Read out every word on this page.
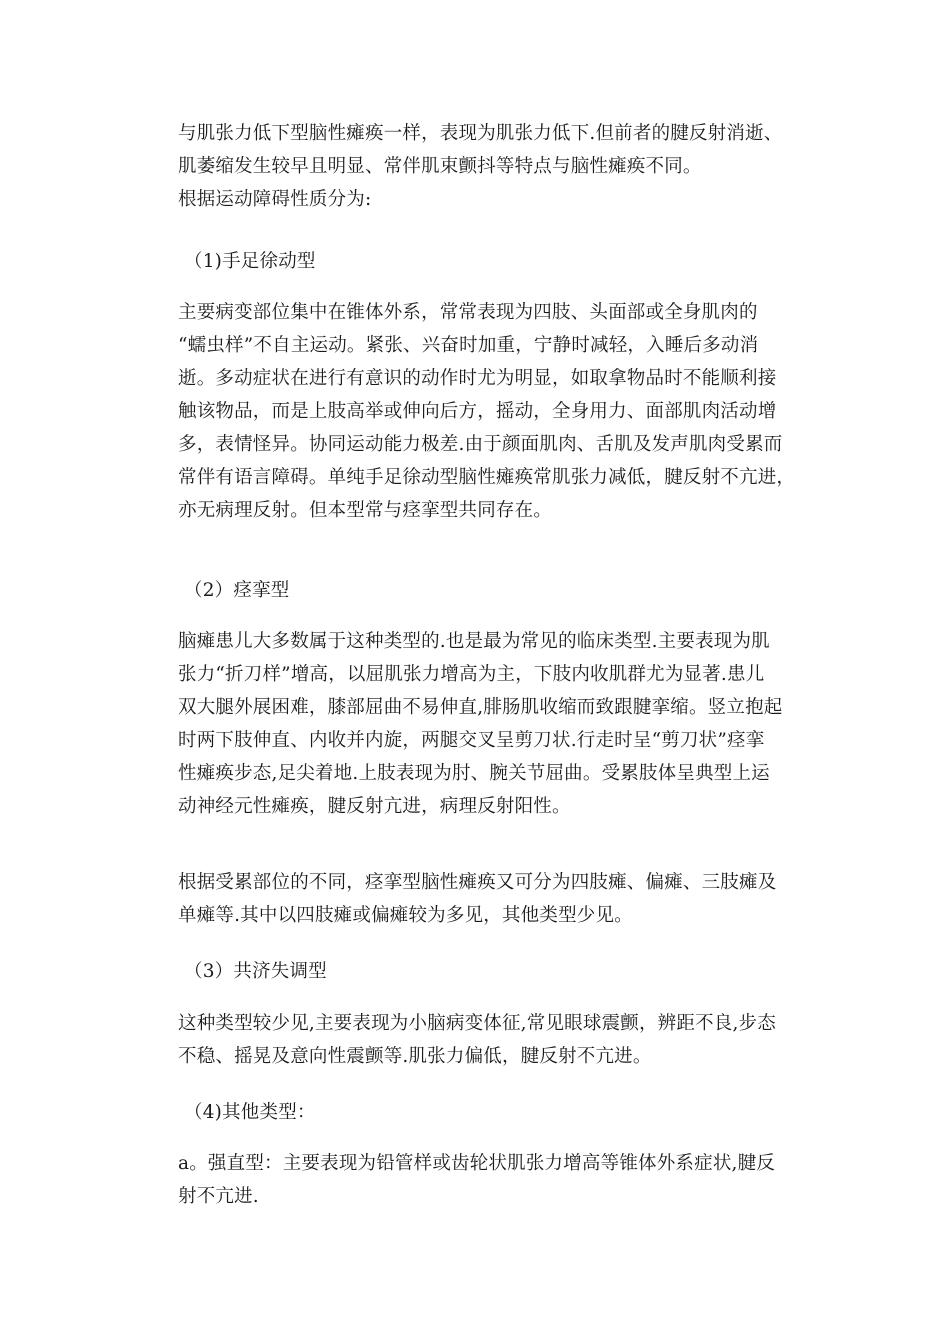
与肌张力低下型脑性瘫痪一样，表现为肌张力低下.但前者的腱反射消逝、
肌萎缩发生较早且明显、常伴肌束颤抖等特点与脑性瘫痪不同。
根据运动障碍性质分为:
（1)手足徐动型
主要病变部位集中在锥体外系，常常表现为四肢、头面部或全身肌肉的
“蠕虫样”不自主运动。紧张、兴奋时加重，宁静时减轻，入睡后多动消
逝。多动症状在进行有意识的动作时尤为明显，如取拿物品时不能顺利接
触该物品，而是上肢高举或伸向后方，摇动，全身用力、面部肌肉活动增
多，表情怪异。协同运动能力极差.由于颜面肌肉、舌肌及发声肌肉受累而
常伴有语言障碍。单纯手足徐动型脑性瘫痪常肌张力减低，腱反射不亢进，
亦无病理反射。但本型常与痉挛型共同存在。
（2）痉挛型
脑瘫患儿大多数属于这种类型的.也是最为常见的临床类型.主要表现为肌
张力“折刀样”增高，以屈肌张力增高为主，下肢内收肌群尤为显著.患儿
双大腿外展困难，膝部屈曲不易伸直,腓肠肌收缩而致跟腱挛缩。竖立抱起
时两下肢伸直、内收并内旋，两腿交叉呈剪刀状.行走时呈“剪刀状”痉挛
性瘫痪步态,足尖着地.上肢表现为肘、腕关节屈曲。受累肢体呈典型上运
动神经元性瘫痪，腱反射亢进，病理反射阳性。
根据受累部位的不同，痉挛型脑性瘫痪又可分为四肢瘫、偏瘫、三肢瘫及
单瘫等.其中以四肢瘫或偏瘫较为多见，其他类型少见。
（3）共济失调型
这种类型较少见,主要表现为小脑病变体征,常见眼球震颤，辨距不良,步态
不稳、摇晃及意向性震颤等.肌张力偏低，腱反射不亢进。
（4)其他类型：
a。强直型：主要表现为铅管样或齿轮状肌张力增高等锥体外系症状,腱反
射不亢进.
